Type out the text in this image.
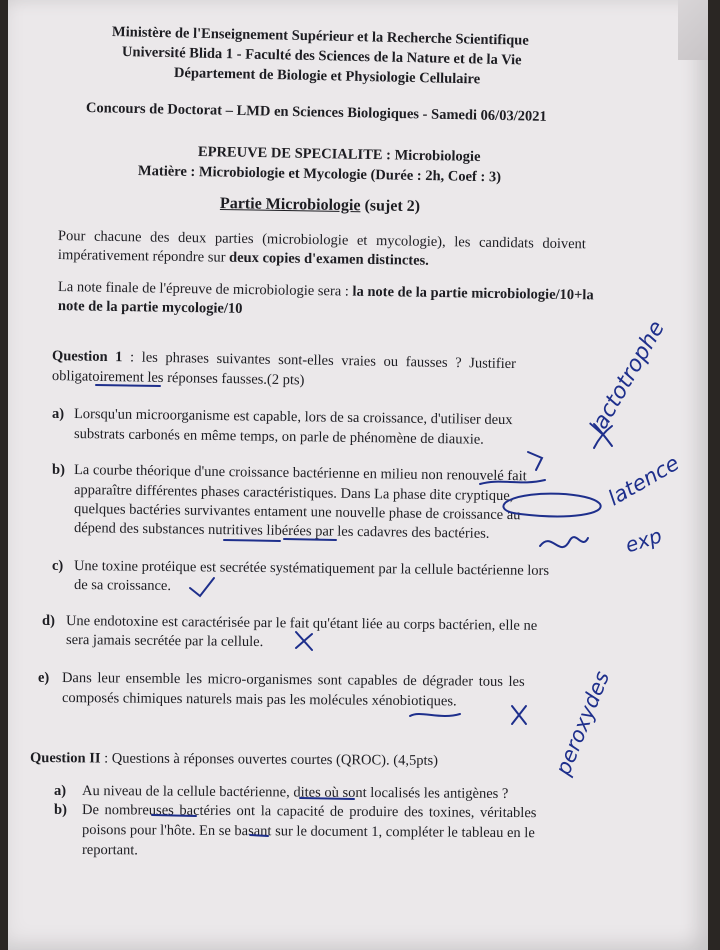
Ministère de l'Enseignement Supérieur et la Recherche Scientifique
Université Blida 1 - Faculté des Sciences de la Nature et de la Vie
Département de Biologie et Physiologie Cellulaire
Concours de Doctorat – LMD en Sciences Biologiques - Samedi 06/03/2021
EPREUVE DE SPECIALITE : Microbiologie
Matière : Microbiologie et Mycologie (Durée : 2h, Coef : 3)
Partie Microbiologie (sujet 2)
Pour chacune des deux parties (microbiologie et mycologie), les candidats doivent
impérativement répondre sur deux copies d'examen distinctes.
La note finale de l'épreuve de microbiologie sera : la note de la partie microbiologie/10+la
note de la partie mycologie/10
Question 1 : les phrases suivantes sont-elles vraies ou fausses ? Justifier
obligatoirement les réponses fausses.(2 pts)
a) Lorsqu'un microorganisme est capable, lors de sa croissance, d'utiliser deux
substrats carbonés en même temps, on parle de phénomène de diauxie.
b) La courbe théorique d'une croissance bactérienne en milieu non renouvelé fait
apparaître différentes phases caractéristiques. Dans La phase dite cryptique,
quelques bactéries survivantes entament une nouvelle phase de croissance au
dépend des substances nutritives libérées par les cadavres des bactéries.
c) Une toxine protéique est secrétée systématiquement par la cellule bactérienne lors
de sa croissance.
d) Une endotoxine est caractérisée par le fait qu'étant liée au corps bactérien, elle ne
sera jamais secrétée par la cellule.
e) Dans leur ensemble les micro-organismes sont capables de dégrader tous les
composés chimiques naturels mais pas les molécules xénobiotiques.
Question II : Questions à réponses ouvertes courtes (QROC). (4,5pts)
a) Au niveau de la cellule bactérienne, dites où sont localisés les antigènes ?
b) De nombreuses bactéries ont la capacité de produire des toxines, véritables
poisons pour l'hôte. En se basant sur le document 1, compléter le tableau en le
reportant.
lactotrophe
latence
exp
peroxydes
